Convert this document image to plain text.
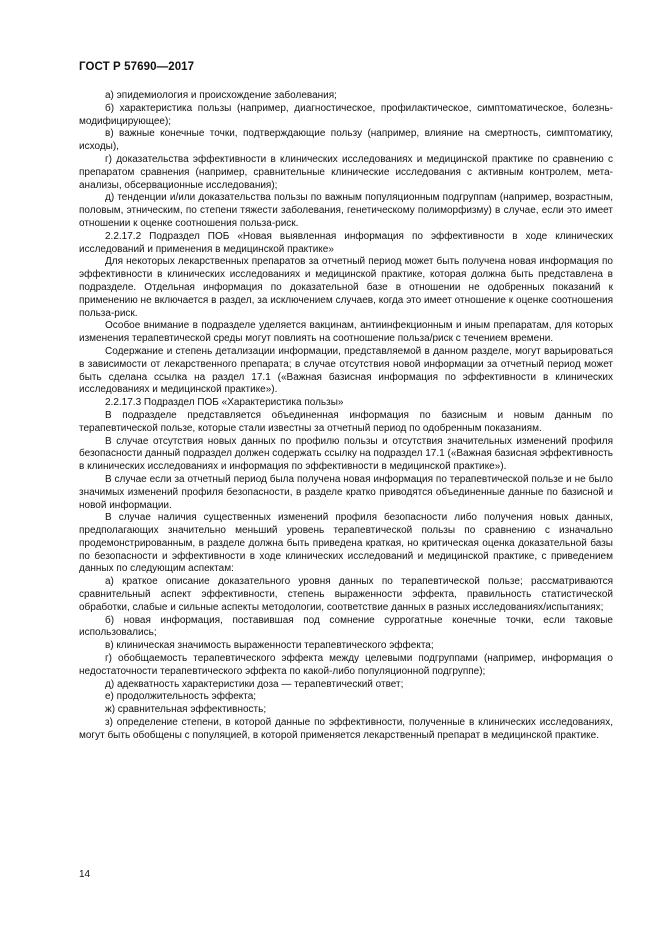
ГОСТ Р 57690—2017

а) эпидемиология и происхождение заболевания;

б) характеристика пользы (например, диагностическое, профилактическое, симптоматическое, болезнь-модифицирующее);

в) важные конечные точки, подтверждающие пользу (например, влияние на смертность, симптоматику, исходы),

г) доказательства эффективности в клинических исследованиях и медицинской практике по сравнению с препаратом сравнения (например, сравнительные клинические исследования с активным контролем, мета-анализы, обсервационные исследования);

д) тенденции и/или доказательства пользы по важным популяционным подгруппам (например, возрастным, половым, этническим, по степени тяжести заболевания, генетическому полиморфизму) в случае, если это имеет отношении к оценке соотношения польза-риск.

2.2.17.2 Подраздел ПОБ «Новая выявленная информация по эффективности в ходе клинических исследований и применения в медицинской практике»

Для некоторых лекарственных препаратов за отчетный период может быть получена новая информация по эффективности в клинических исследованиях и медицинской практике, которая должна быть представлена в подразделе. Отдельная информация по доказательной базе в отношении не одобренных показаний к применению не включается в раздел, за исключением случаев, когда это имеет отношение к оценке соотношения польза-риск.

Особое внимание в подразделе уделяется вакцинам, антиинфекционным и иным препаратам, для которых изменения терапевтической среды могут повлиять на соотношение польза/риск с течением времени.

Содержание и степень детализации информации, представляемой в данном разделе, могут варьироваться в зависимости от лекарственного препарата; в случае отсутствия новой информации за отчетный период может быть сделана ссылка на раздел 17.1 («Важная базисная информация по эффективности в клинических исследованиях и медицинской практике»).

2.2.17.3 Подраздел ПОБ «Характеристика пользы»

В подразделе представляется объединенная информация по базисным и новым данным по терапевтической пользе, которые стали известны за отчетный период по одобренным показаниям.

В случае отсутствия новых данных по профилю пользы и отсутствия значительных изменений профиля безопасности данный подраздел должен содержать ссылку на подраздел 17.1 («Важная базисная эффективность в клинических исследованиях и информация по эффективности в медицинской практике»).

В случае если за отчетный период была получена новая информация по терапевтической пользе и не было значимых изменений профиля безопасности, в разделе кратко приводятся объединенные данные по базисной и новой информации.

В случае наличия существенных изменений профиля безопасности либо получения новых данных, предполагающих значительно меньший уровень терапевтической пользы по сравнению с изначально продемонстрированным, в разделе должна быть приведена краткая, но критическая оценка доказательной базы по безопасности и эффективности в ходе клинических исследований и медицинской практике, с приведением данных по следующим аспектам:

а) краткое описание доказательного уровня данных по терапевтической пользе; рассматриваются сравнительный аспект эффективности, степень выраженности эффекта, правильность статистической обработки, слабые и сильные аспекты методологии, соответствие данных в разных исследованиях/испытаниях;

б) новая информация, поставившая под сомнение суррогатные конечные точки, если таковые использовались;

в) клиническая значимость выраженности терапевтического эффекта;

г) обобщаемость терапевтического эффекта между целевыми подгруппами (например, информация о недостаточности терапевтического эффекта по какой-либо популяционной подгруппе);

д) адекватность характеристики доза — терапевтический ответ;

е) продолжительность эффекта;

ж) сравнительная эффективность;

з) определение степени, в которой данные по эффективности, полученные в клинических исследованиях, могут быть обобщены с популяцией, в которой применяется лекарственный препарат в медицинской практике.

14
